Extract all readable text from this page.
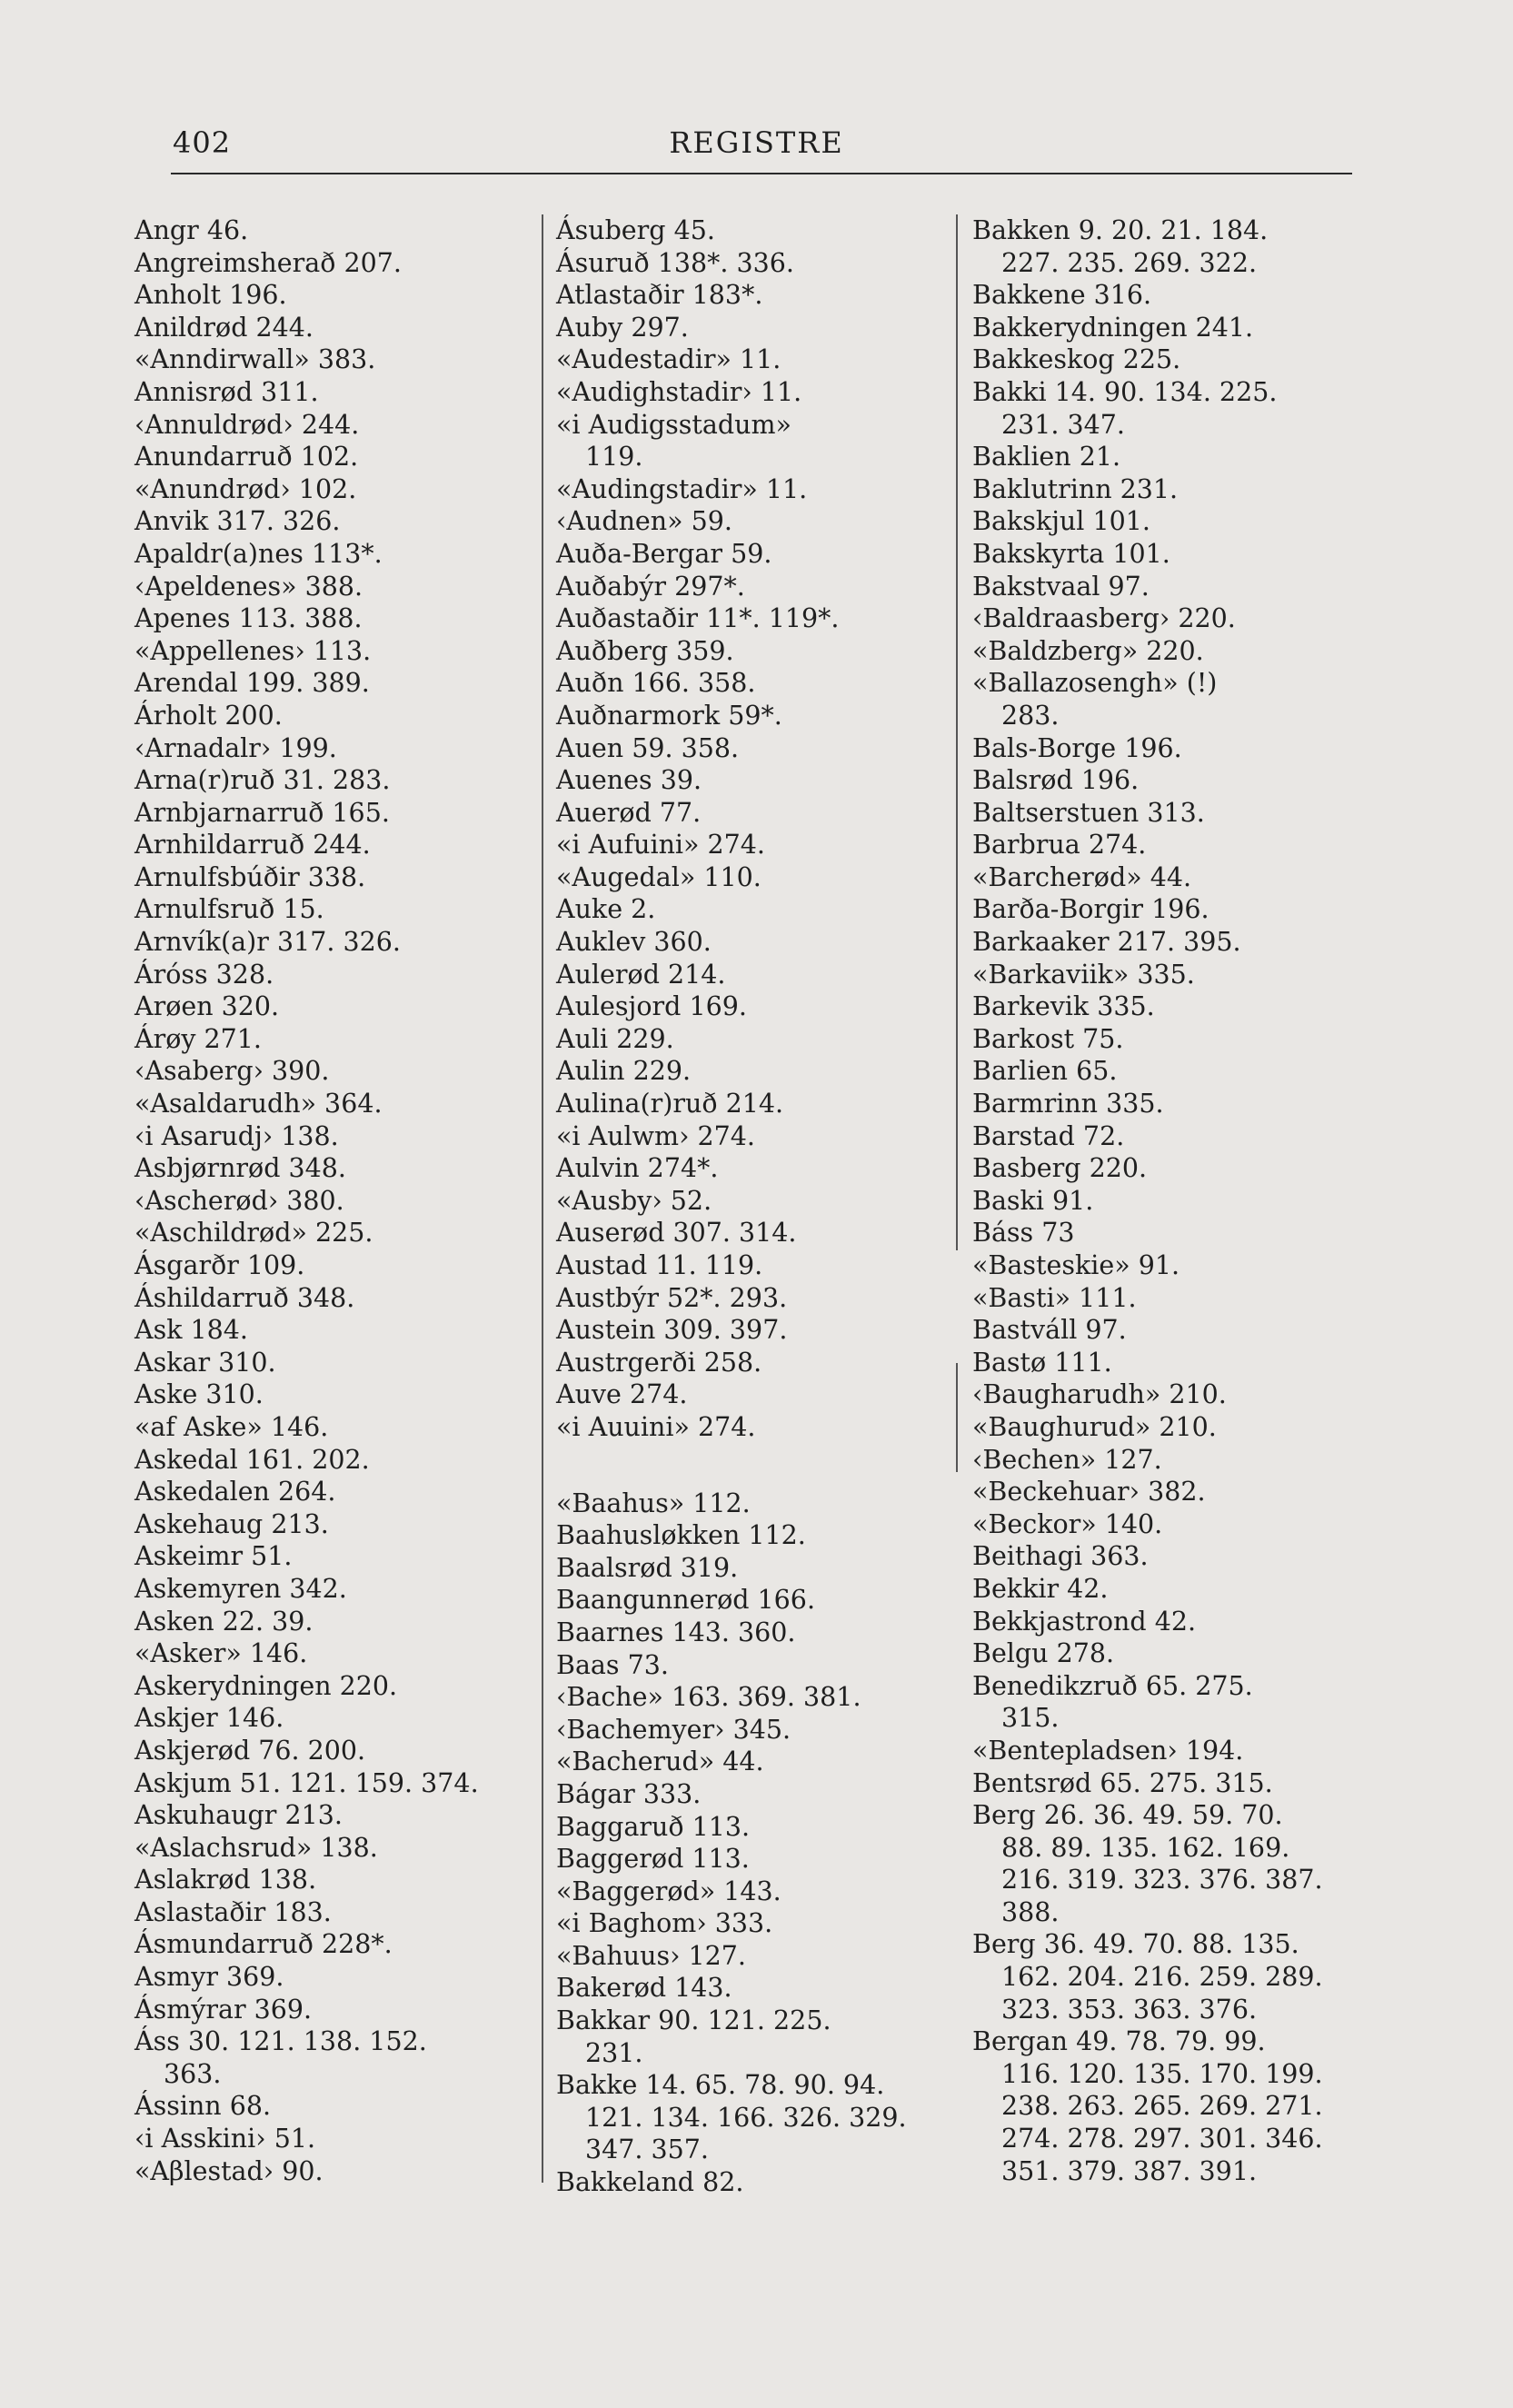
402	REGISTRE
Angr 46.
Angreimsherað 207.
Anholt 196.
Anildrød 244.
«Anndirwall» 383.
Annisrød 311.
‹Annuldrød› 244.
Anundarruð 102.
«Anundrød› 102.
Anvik 317. 326.
Apaldr(a)nes 113*.
‹Apeldenes» 388.
Apenes 113. 388.
«Appellenes› 113.
Arendal 199. 389.
Árholt 200.
‹Arnadalr› 199.
Arna(r)ruð 31. 283.
Arnbjarnarruð 165.
Arnhildarruð 244.
Arnulfsbúðir 338.
Arnulfsruð 15.
Arnvík(a)r 317. 326.
Áróss 328.
Arøen 320.
Árøy 271.
‹Asaberg› 390.
«Asaldarudh» 364.
‹i Asarudj› 138.
Asbjørnrød 348.
‹Ascherød› 380.
«Aschildrød» 225.
Ásgarðr 109.
Áshildarruð 348.
Ask 184.
Askar 310.
Aske 310.
«af Aske» 146.
Askedal 161. 202.
Askedalen 264.
Askehaug 213.
Askeimr 51.
Askemyren 342.
Asken 22. 39.
«Asker» 146.
Askerydningen 220.
Askjer 146.
Askjerød 76. 200.
Askjum 51. 121. 159. 374.
Askuhaugr 213.
«Aslachsrud» 138.
Aslakrød 138.
Aslastaðir 183.
Ásmundarruð 228*.
Asmyr 369.
Ásmýrar 369.
Áss 30. 121. 138. 152.
363.
Ássinn 68.
‹i Asskini› 51.
«Aβlestad› 90.
Ásuberg 45.
Ásuruð 138*. 336.
Atlastaðir 183*.
Auby 297.
«Audestadir» 11.
«Audighstadir› 11.
«i Audigsstadum»
119.
«Audingstadir» 11.
‹Audnen» 59.
Auða-Bergar 59.
Auðabýr 297*.
Auðastaðir 11*. 119*.
Auðberg 359.
Auðn 166. 358.
Auðnarmork 59*.
Auen 59. 358.
Auenes 39.
Auerød 77.
«i Aufuini» 274.
«Augedal» 110.
Auke 2.
Auklev 360.
Aulerød 214.
Aulesjord 169.
Auli 229.
Aulin 229.
Aulina(r)ruð 214.
«i Aulwm› 274.
Aulvin 274*.
«Ausby› 52.
Auserød 307. 314.
Austad 11. 119.
Austbýr 52*. 293.
Austein 309. 397.
Austrgerði 258.
Auve 274.
«i Auuini» 274.
«Baahus» 112.
Baahusløkken 112.
Baalsrød 319.
Baangunnerød 166.
Baarnes 143. 360.
Baas 73.
‹Bache» 163. 369. 381.
‹Bachemyer› 345.
«Bacherud» 44.
Bágar 333.
Baggaruð 113.
Baggerød 113.
«Baggerød» 143.
«i Baghom› 333.
«Bahuus› 127.
Bakerød 143.
Bakkar 90. 121. 225.
231.
Bakke 14. 65. 78. 90. 94.
121. 134. 166. 326. 329.
347. 357.
Bakkeland 82.
Bakken 9. 20. 21. 184.
227. 235. 269. 322.
Bakkene 316.
Bakkerydningen 241.
Bakkeskog 225.
Bakki 14. 90. 134. 225.
231. 347.
Baklien 21.
Baklutrinn 231.
Bakskjul 101.
Bakskyrta 101.
Bakstvaal 97.
‹Baldraasberg› 220.
«Baldzberg» 220.
«Ballazosengh» (!)
283.
Bals-Borge 196.
Balsrød 196.
Baltserstuen 313.
Barbrua 274.
«Barcherød» 44.
Barða-Borgir 196.
Barkaaker 217. 395.
«Barkaviik» 335.
Barkevik 335.
Barkost 75.
Barlien 65.
Barmrinn 335.
Barstad 72.
Basberg 220.
Baski 91.
Báss 73
«Basteskie» 91.
«Basti» 111.
Bastváll 97.
Bastø 111.
‹Baugharudh» 210.
«Baughurud» 210.
‹Bechen» 127.
«Beckehuar› 382.
«Beckor» 140.
Beithagi 363.
Bekkir 42.
Bekkjastrond 42.
Belgu 278.
Benedikzruð 65. 275.
315.
«Bentepladsen› 194.
Bentsrød 65. 275. 315.
Berg 26. 36. 49. 59. 70.
88. 89. 135. 162. 169.
216. 319. 323. 376. 387.
388.
Berg 36. 49. 70. 88. 135.
162. 204. 216. 259. 289.
323. 353. 363. 376.
Bergan 49. 78. 79. 99.
116. 120. 135. 170. 199.
238. 263. 265. 269. 271.
274. 278. 297. 301. 346.
351. 379. 387. 391.
